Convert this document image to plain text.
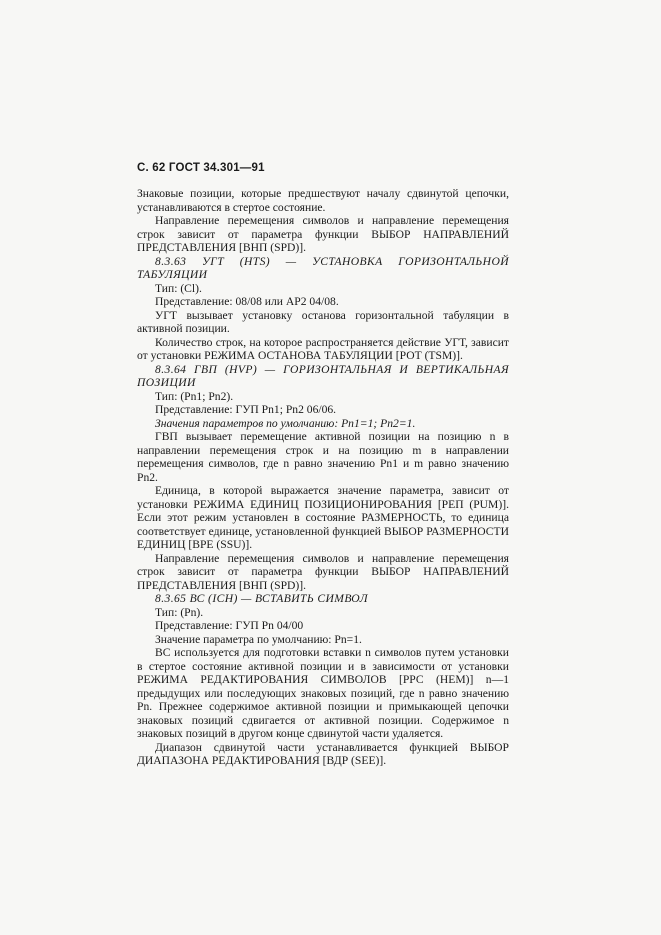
С. 62 ГОСТ 34.301—91

Знаковые позиции, которые предшествуют началу сдвинутой цепочки, устанавливаются в стертое состояние.

Направление перемещения символов и направление перемещения строк зависит от параметра функции ВЫБОР НАПРАВЛЕНИЙ ПРЕДСТАВЛЕНИЯ [ВНП (SPD)].

8.3.63 УГТ (HTS) — УСТАНОВКА ГОРИЗОНТАЛЬНОЙ ТАБУЛЯЦИИ

Тип: (Cl).

Представление: 08/08 или АР2 04/08.

УГТ вызывает установку останова горизонтальной табуляции в активной позиции.

Количество строк, на которое распространяется действие УГТ, зависит от установки РЕЖИМА ОСТАНОВА ТАБУЛЯЦИИ [РОТ (TSM)].

8.3.64 ГВП (HVP) — ГОРИЗОНТАЛЬНАЯ И ВЕРТИКАЛЬНАЯ ПОЗИЦИИ

Тип: (Pn1; Pn2).

Представление: ГУП Pn1; Pn2 06/06.

Значения параметров по умолчанию: Pn1=1; Pn2=1.

ГВП вызывает перемещение активной позиции на позицию n в направлении перемещения строк и на позицию m в направлении перемещения символов, где n равно значению Pn1 и m равно значению Pn2.

Единица, в которой выражается значение параметра, зависит от установки РЕЖИМА ЕДИНИЦ ПОЗИЦИОНИРОВАНИЯ [РЕП (PUM)]. Если этот режим установлен в состояние РАЗМЕРНОСТЬ, то единица соответствует единице, установленной функцией ВЫБОР РАЗМЕРНОСТИ ЕДИНИЦ [ВРЕ (SSU)].

Направление перемещения символов и направление перемещения строк зависит от параметра функции ВЫБОР НАПРАВЛЕНИЙ ПРЕДСТАВЛЕНИЯ [ВНП (SPD)].

8.3.65 ВС (ICH) — ВСТАВИТЬ СИМВОЛ

Тип: (Pn).

Представление: ГУП Pn 04/00

Значение параметра по умолчанию: Pn=1.

ВС используется для подготовки вставки n символов путем установки в стертое состояние активной позиции и в зависимости от установки РЕЖИМА РЕДАКТИРОВАНИЯ СИМВОЛОВ [РРС (HEM)] n—1 предыдущих или последующих знаковых позиций, где n равно значению Pn. Прежнее содержимое активной позиции и примыкающей цепочки знаковых позиций сдвигается от активной позиции. Содержимое n знаковых позиций в другом конце сдвинутой части удаляется.

Диапазон сдвинутой части устанавливается функцией ВЫБОР ДИАПАЗОНА РЕДАКТИРОВАНИЯ [ВДР (SEE)].
